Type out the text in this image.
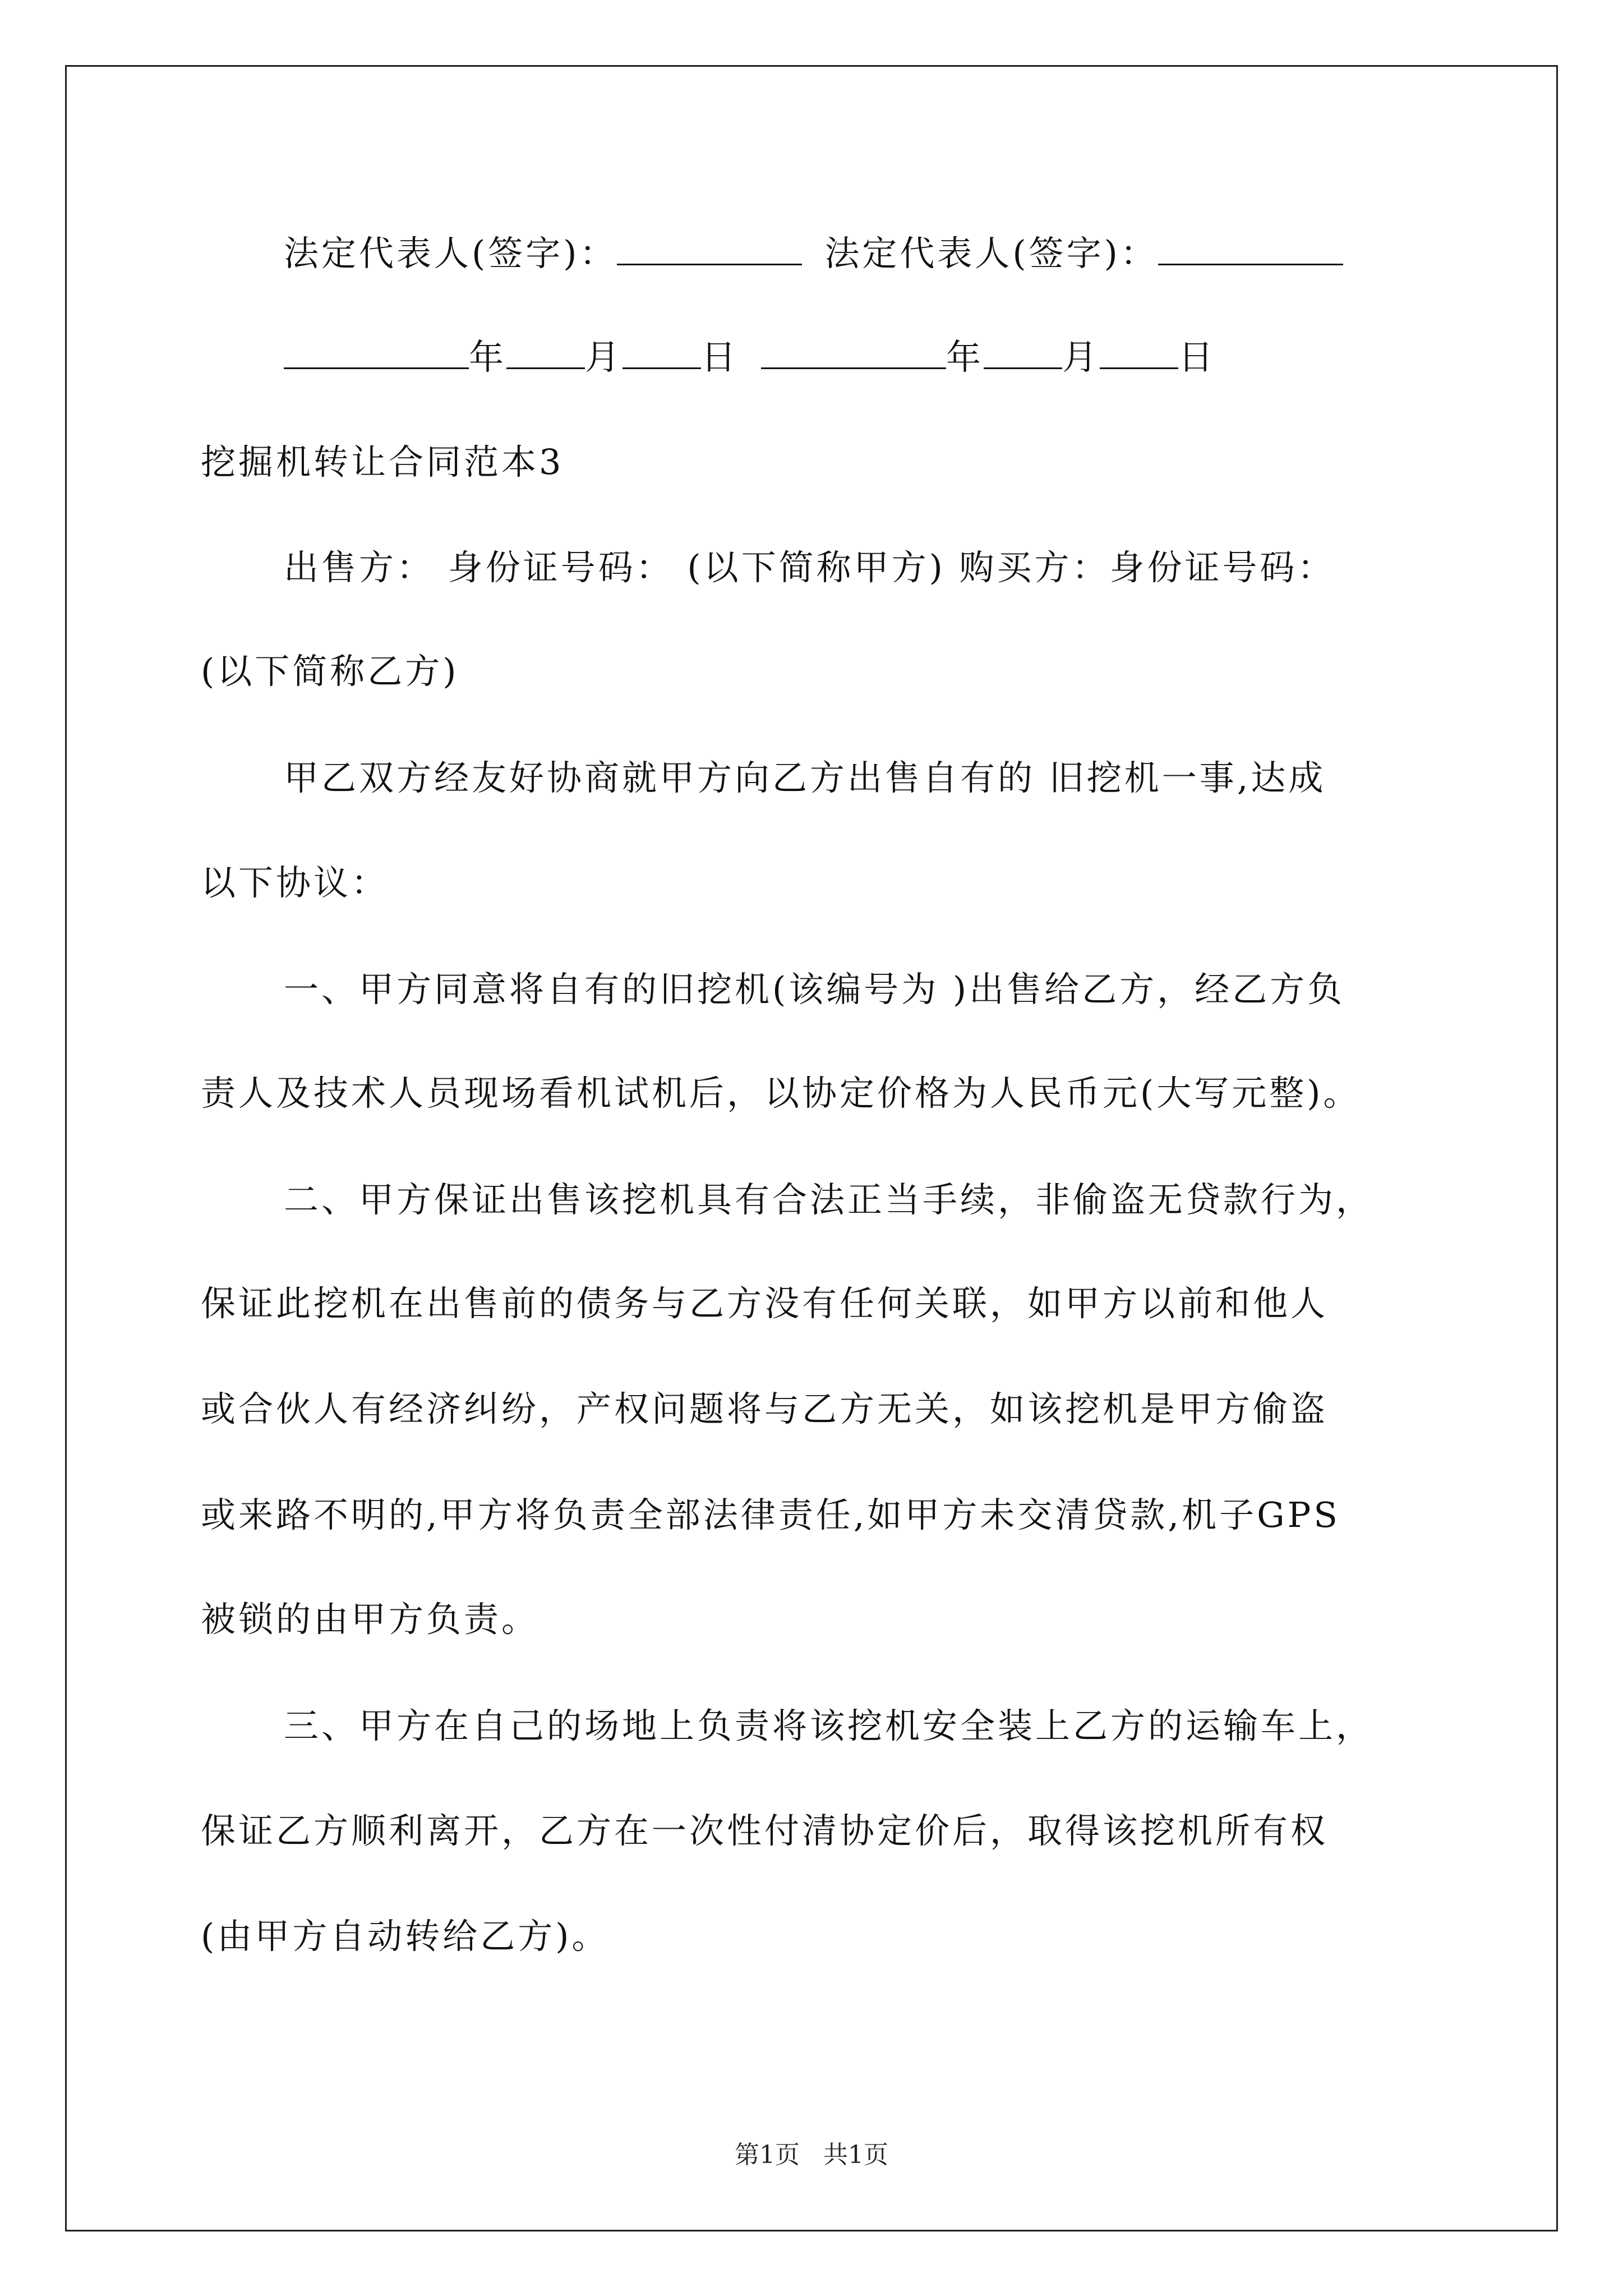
法定代表人(签字)：	法定代表人(签字)：
年 月 日	年 月 日
挖掘机转让合同范本3
出售方： 身份证号码： (以下简称甲方) 购买方：身份证号码：
(以下简称乙方)
甲乙双方经友好协商就甲方向乙方出售自有的 旧挖机一事,达成
以下协议：
一、甲方同意将自有的旧挖机(该编号为 )出售给乙方，经乙方负
责人及技术人员现场看机试机后，以协定价格为人民币元(大写元整)。
二、甲方保证出售该挖机具有合法正当手续，非偷盗无贷款行为，
保证此挖机在出售前的债务与乙方没有任何关联，如甲方以前和他人
或合伙人有经济纠纷，产权问题将与乙方无关，如该挖机是甲方偷盗
或来路不明的,甲方将负责全部法律责任,如甲方未交清贷款,机子GPS
被锁的由甲方负责。
三、甲方在自己的场地上负责将该挖机安全装上乙方的运输车上，
保证乙方顺利离开，乙方在一次性付清协定价后，取得该挖机所有权
(由甲方自动转给乙方)。
第1页 共1页
